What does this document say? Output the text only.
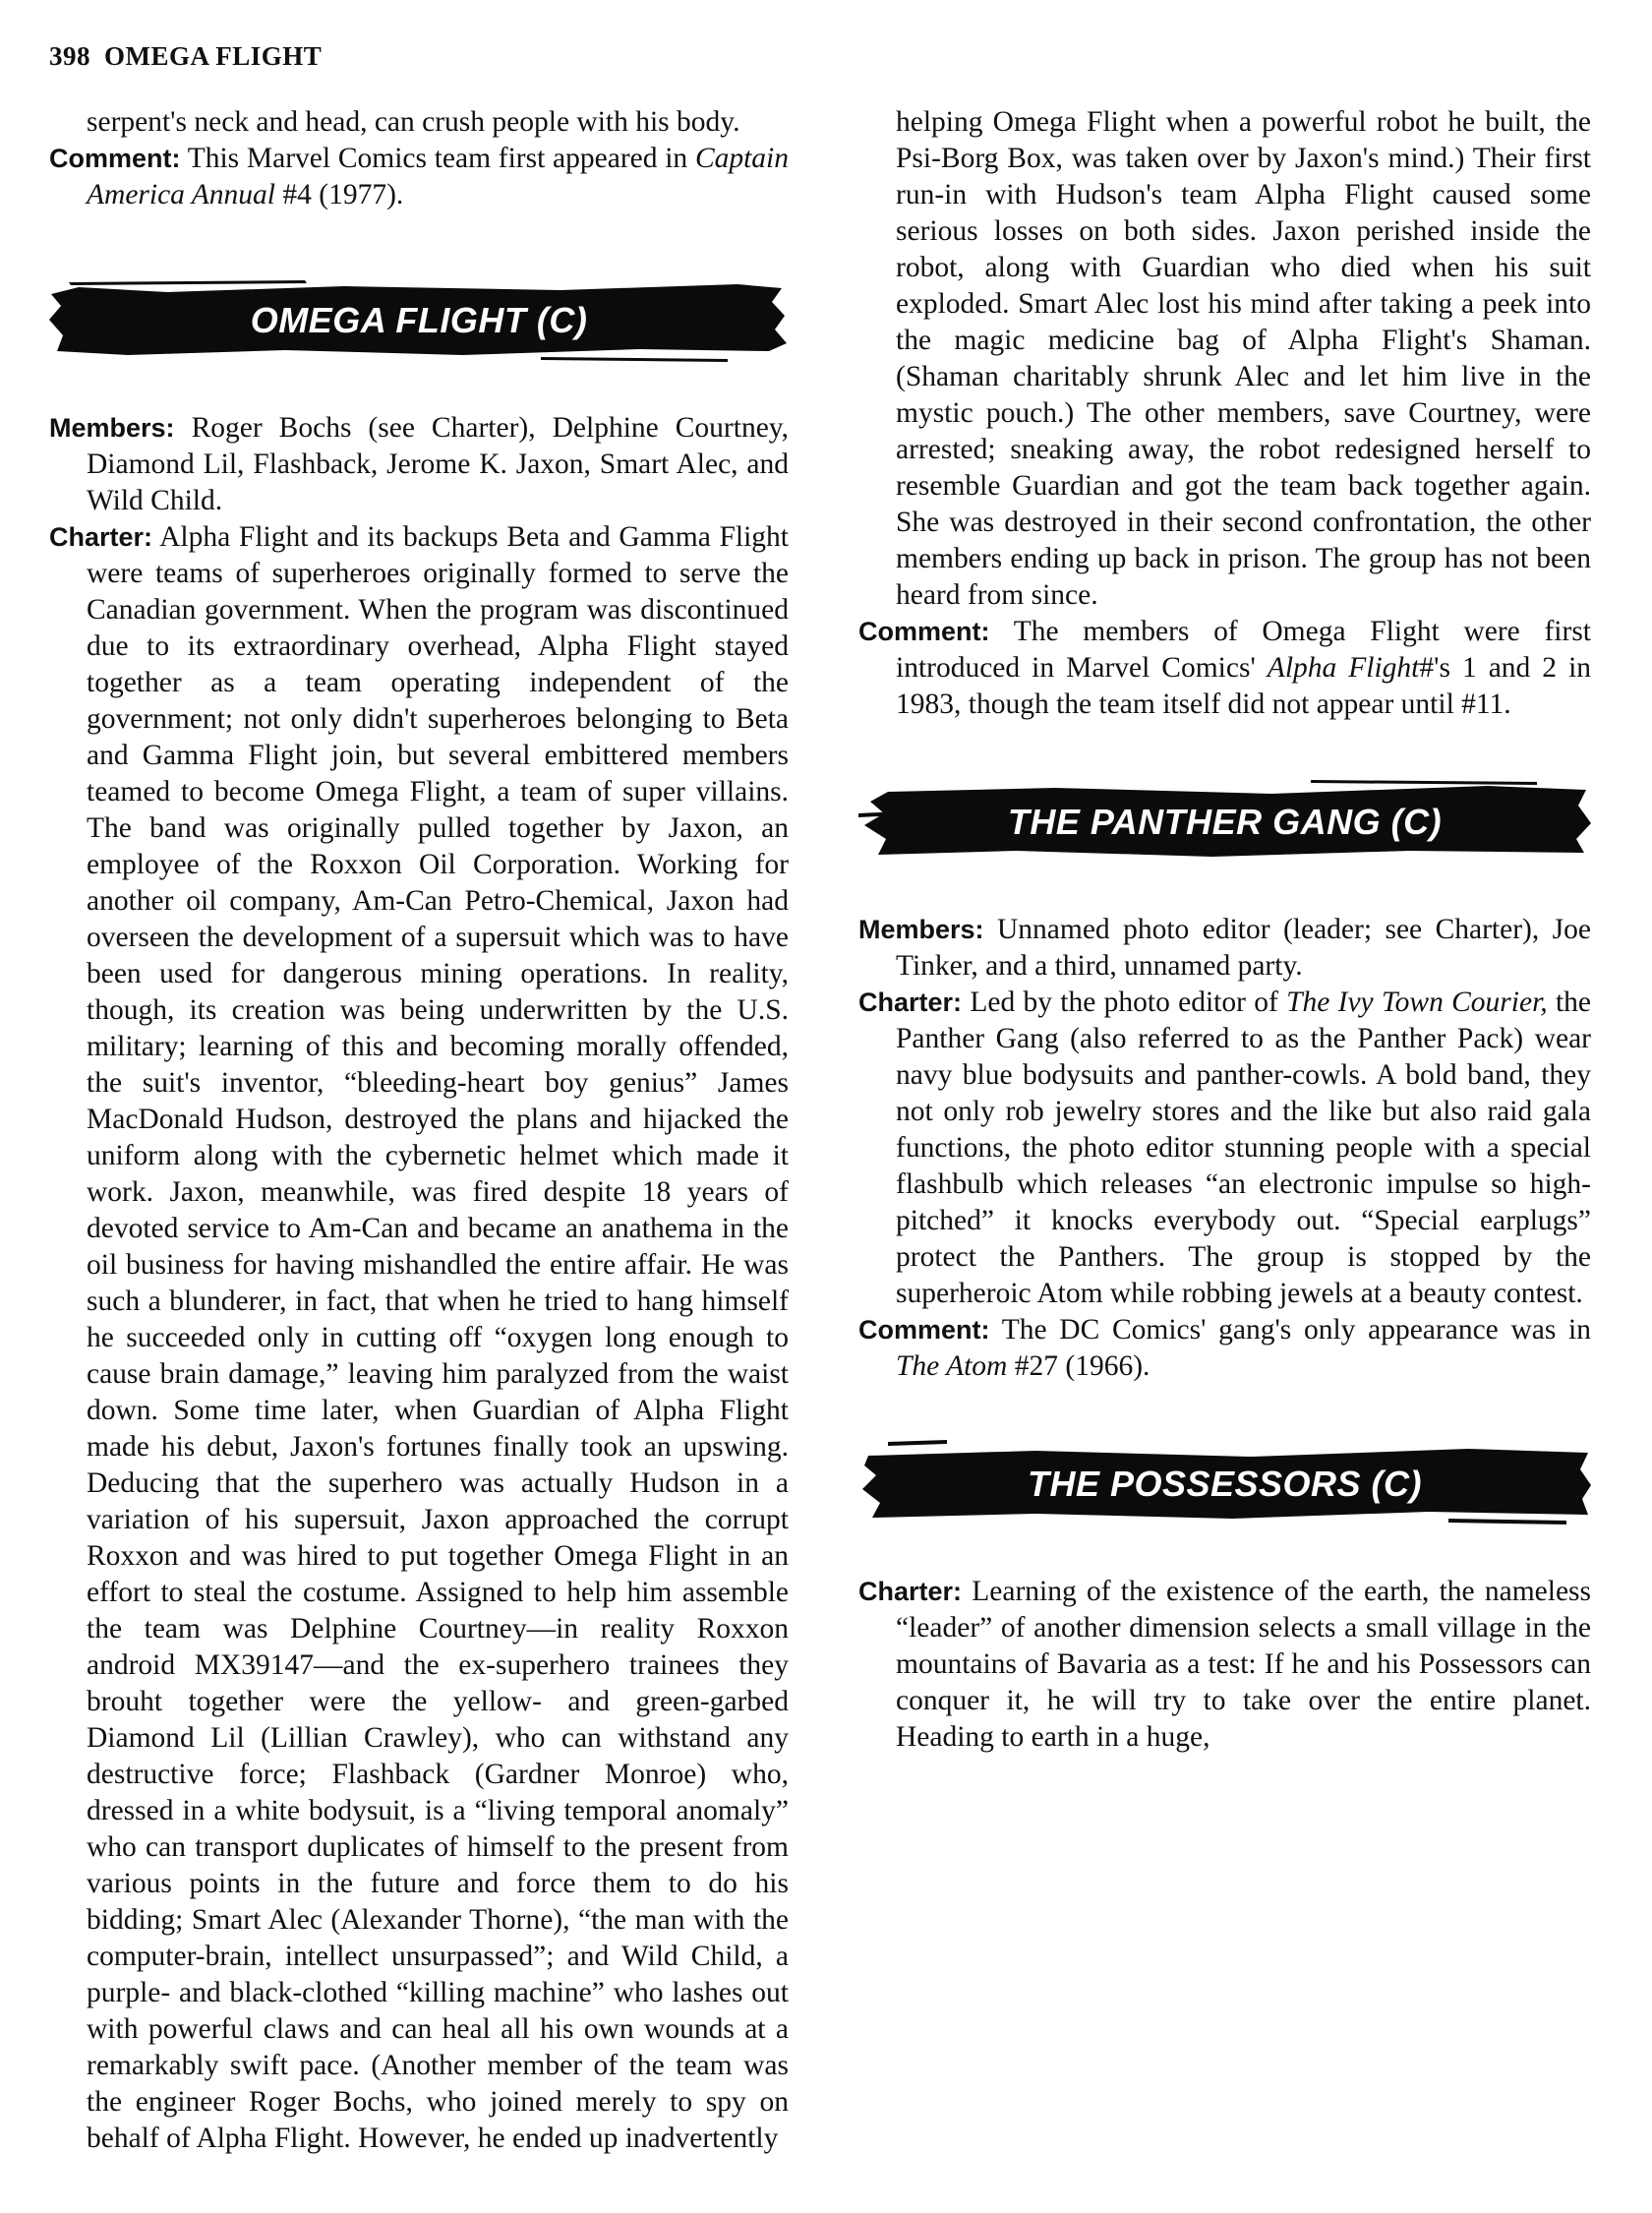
398 OMEGA FLIGHT

serpent's neck and head, can crush people with his body.

Comment: This Marvel Comics team first appeared in Captain America Annual #4 (1977).

OMEGA FLIGHT (C)

Members: Roger Bochs (see Charter), Delphine Courtney, Diamond Lil, Flashback, Jerome K. Jaxon, Smart Alec, and Wild Child.

Charter: Alpha Flight and its backups Beta and Gamma Flight were teams of superheroes originally formed to serve the Canadian government. When the program was discontinued due to its extraordinary overhead, Alpha Flight stayed together as a team operating independent of the government; not only didn't superheroes belonging to Beta and Gamma Flight join, but several embittered members teamed to become Omega Flight, a team of super villains. The band was originally pulled together by Jaxon, an employee of the Roxxon Oil Corporation. Working for another oil company, Am-Can Petro-Chemical, Jaxon had overseen the development of a supersuit which was to have been used for dangerous mining operations. In reality, though, its creation was being underwritten by the U.S. military; learning of this and becoming morally offended, the suit's inventor, “bleeding-heart boy genius” James MacDonald Hudson, destroyed the plans and hijacked the uniform along with the cybernetic helmet which made it work. Jaxon, meanwhile, was fired despite 18 years of devoted service to Am-Can and became an anathema in the oil business for having mishandled the entire affair. He was such a blunderer, in fact, that when he tried to hang himself he succeeded only in cutting off “oxygen long enough to cause brain damage,” leaving him paralyzed from the waist down. Some time later, when Guardian of Alpha Flight made his debut, Jaxon's fortunes finally took an upswing. Deducing that the superhero was actually Hudson in a variation of his supersuit, Jaxon approached the corrupt Roxxon and was hired to put together Omega Flight in an effort to steal the costume. Assigned to help him assemble the team was Delphine Courtney—in reality Roxxon android MX39147—and the ex-superhero trainees they brouht together were the yellow- and green-garbed Diamond Lil (Lillian Crawley), who can withstand any destructive force; Flashback (Gardner Monroe) who, dressed in a white bodysuit, is a “living temporal anomaly” who can transport duplicates of himself to the present from various points in the future and force them to do his bidding; Smart Alec (Alexander Thorne), “the man with the computer-brain, intellect unsurpassed”; and Wild Child, a purple- and black-clothed “killing machine” who lashes out with powerful claws and can heal all his own wounds at a remarkably swift pace. (Another member of the team was the engineer Roger Bochs, who joined merely to spy on behalf of Alpha Flight. However, he ended up inadvertently

helping Omega Flight when a powerful robot he built, the Psi-Borg Box, was taken over by Jaxon's mind.) Their first run-in with Hudson's team Alpha Flight caused some serious losses on both sides. Jaxon perished inside the robot, along with Guardian who died when his suit exploded. Smart Alec lost his mind after taking a peek into the magic medicine bag of Alpha Flight's Shaman. (Shaman charitably shrunk Alec and let him live in the mystic pouch.) The other members, save Courtney, were arrested; sneaking away, the robot redesigned herself to resemble Guardian and got the team back together again. She was destroyed in their second confrontation, the other members ending up back in prison. The group has not been heard from since.

Comment: The members of Omega Flight were first introduced in Marvel Comics' Alpha Flight#'s 1 and 2 in 1983, though the team itself did not appear until #11.

THE PANTHER GANG (C)

Members: Unnamed photo editor (leader; see Charter), Joe Tinker, and a third, unnamed party.

Charter: Led by the photo editor of The Ivy Town Courier, the Panther Gang (also referred to as the Panther Pack) wear navy blue bodysuits and panther-cowls. A bold band, they not only rob jewelry stores and the like but also raid gala functions, the photo editor stunning people with a special flashbulb which releases “an electronic impulse so high-pitched” it knocks everybody out. “Special earplugs” protect the Panthers. The group is stopped by the superheroic Atom while robbing jewels at a beauty contest.

Comment: The DC Comics' gang's only appearance was in The Atom #27 (1966).

THE POSSESSORS (C)

Charter: Learning of the existence of the earth, the nameless “leader” of another dimension selects a small village in the mountains of Bavaria as a test: If he and his Possessors can conquer it, he will try to take over the entire planet. Heading to earth in a huge,
